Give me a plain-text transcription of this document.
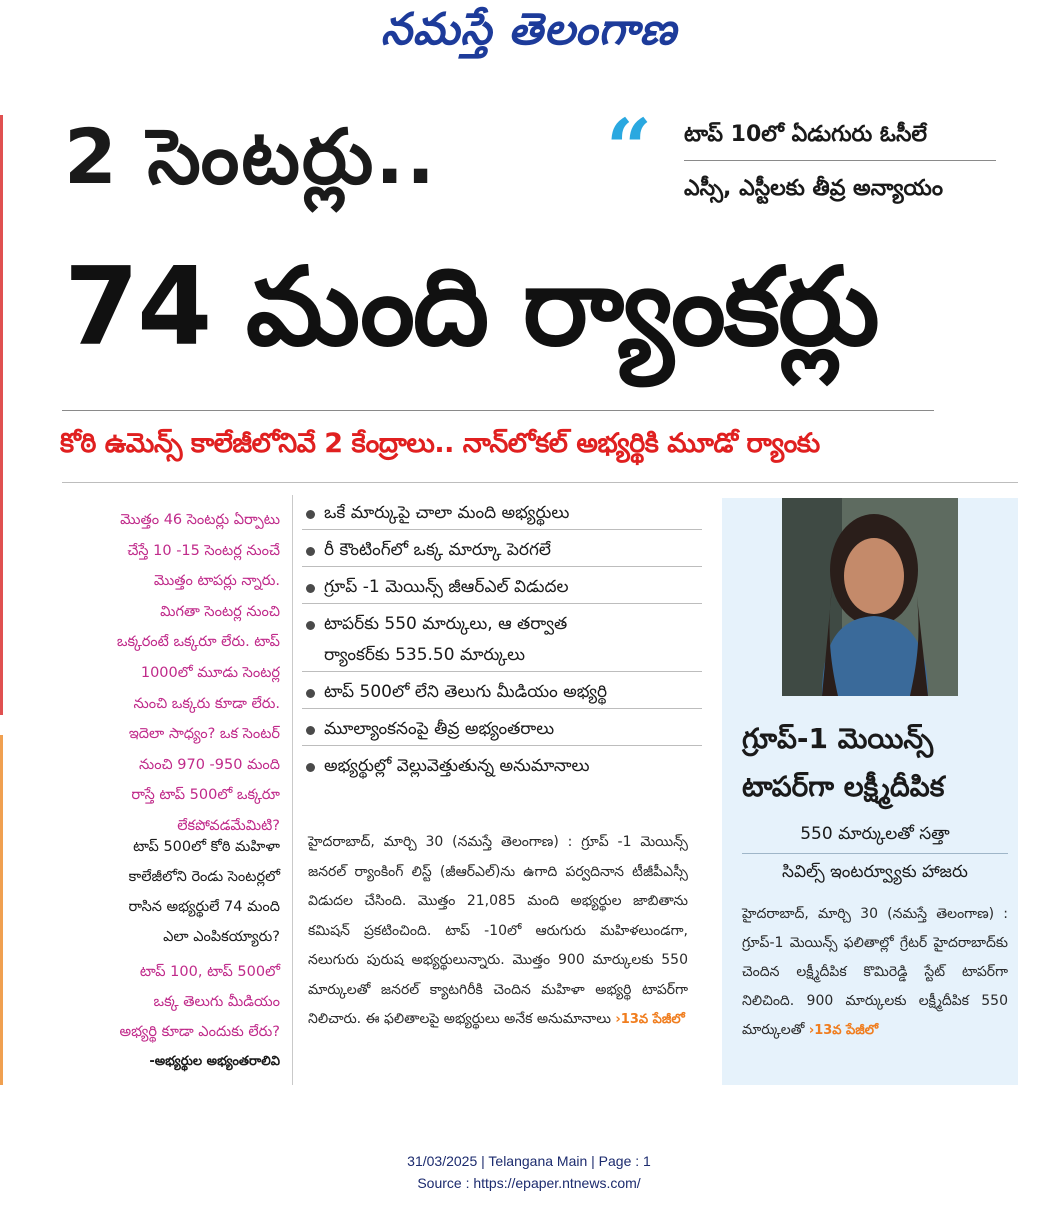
నమస్తే తెలంగాణ
2 సెంటర్లు.. “ టాప్ 10లో ఏడుగురు ఓసీలే
ఎస్సీ, ఎస్టీలకు తీవ్ర అన్యాయం
74 మంది ర్యాంకర్లు
కోఠి ఉమెన్స్ కాలేజీలోనివే 2 కేంద్రాలు.. నాన్‌లోకల్ అభ్యర్థికి మూడో ర్యాంకు
మొత్తం 46 సెంటర్లు ఏర్పాటు చేస్తే 10 -15 సెంటర్ల నుంచే మొత్తం టాపర్లు న్నారు. మిగతా సెంటర్ల నుంచి ఒక్కరంటే ఒక్కరూ లేరు. టాప్ 1000లో మూడు సెంటర్ల నుంచి ఒక్కరు కూడా లేరు. ఇదెలా సాధ్యం? ఒక సెంటర్ నుంచి 970 -950 మంది రాస్తే టాప్ 500లో ఒక్కరూ లేకపోవడమేమిటి?
టాప్ 500లో కోఠి మహిళా కాలేజీలోని రెండు సెంటర్లలో రాసిన అభ్యర్థులే 74 మంది ఎలా ఎంపికయ్యారు?
టాప్ 100, టాప్ 500లో ఒక్క తెలుగు మీడియం అభ్యర్థి కూడా ఎందుకు లేరు?
-అభ్యర్థుల అభ్యంతరాలివి
ఒకే మార్కుపై చాలా మంది అభ్యర్థులు
రీ కౌంటింగ్‌లో ఒక్క మార్కూ పెరగలే
గ్రూప్ -1 మెయిన్స్ జీఆర్‌ఎల్ విడుదల
టాపర్‌కు 550 మార్కులు, ఆ తర్వాత
ర్యాంకర్‌కు 535.50 మార్కులు
టాప్ 500లో లేని తెలుగు మీడియం అభ్యర్థి
మూల్యాంకనంపై తీవ్ర అభ్యంతరాలు
అభ్యర్థుల్లో వెల్లువెత్తుతున్న అనుమానాలు
హైదరాబాద్, మార్చి 30 (నమస్తే తెలంగాణ) : గ్రూప్ -1 మెయిన్స్ జనరల్ ర్యాంకింగ్ లిస్ట్ (జీఆర్‌ఎల్)ను ఉగాది పర్వదినాన టీజీపీఎస్సీ విడుదల చేసింది. మొత్తం 21,085 మంది అభ్యర్థుల జాబితాను కమిషన్ ప్రకటించింది. టాప్ -10లో ఆరుగురు మహిళలుండగా, నలుగురు పురుష అభ్యర్థులున్నారు. మొత్తం 900 మార్కులకు 550 మార్కులతో జనరల్ క్యాటగిరీకి చెందిన మహిళా అభ్యర్థి టాపర్‌గా నిలిచారు. ఈ ఫలితాలపై అభ్యర్థులు అనేక అనుమానాలు ›13వ పేజీలో
గ్రూప్-1 మెయిన్స్
టాపర్‌గా లక్ష్మీదీపిక
550 మార్కులతో సత్తా
సివిల్స్ ఇంటర్వ్యూకు హాజరు
హైదరాబాద్, మార్చి 30 (నమస్తే తెలంగాణ) : గ్రూప్-1 మెయిన్స్ ఫలితాల్లో గ్రేటర్ హైదరాబాద్‌కు చెందిన లక్ష్మీదీపిక కొమిరెడ్డి స్టేట్ టాపర్‌గా నిలిచింది. 900 మార్కులకు లక్ష్మీదీపిక 550 మార్కులతో ›13వ పేజీలో
31/03/2025 | Telangana Main | Page : 1
Source : https://epaper.ntnews.com/
